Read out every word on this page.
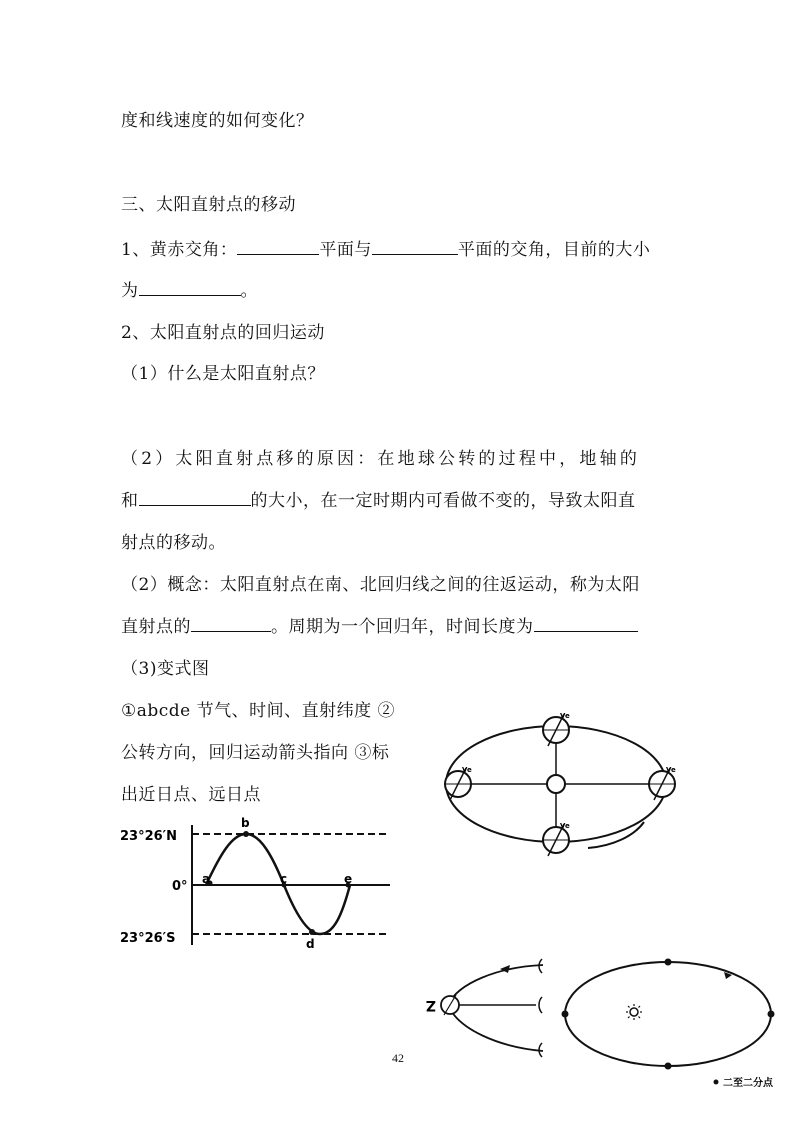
度和线速度的如何变化？
三、太阳直射点的移动
1、黄赤交角：	平面与	平面的交角，目前的大小
为	。
2、太阳直射点的回归运动
（1）什么是太阳直射点？
（2）太阳直射点移的原因：在地球公转的过程中，地轴的
和	的大小，在一定时期内可看做不变的，导致太阳直
射点的移动。
（2）概念：太阳直射点在南、北回归线之间的往返运动，称为太阳
直射点的	。周期为一个回归年，时间长度为
（3)变式图
①abcde 节气、时间、直射纬度 ②
公转方向，回归运动箭头指向 ③标
出近日点、远日点
23°26′N
0°
23°26′S
b
a	c
d
e
Ve
Ve	Ve
Ve
Z
二至二分点
42
